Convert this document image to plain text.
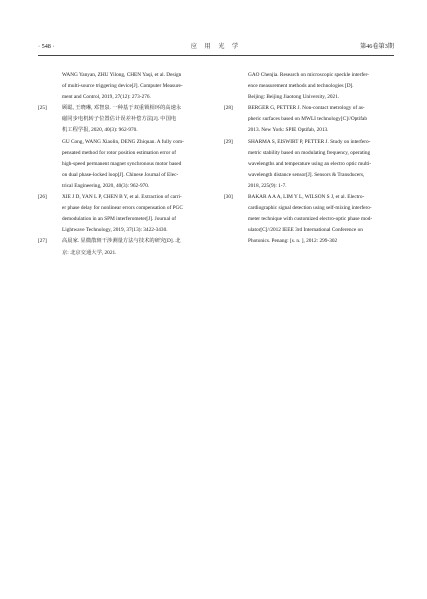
· 548 ·	应 用 光 学	第46卷第3期
WANG Yanyan, ZHU Yilong, CHEN Yaqi, et al. Design
of multi-source triggering device[J]. Computer Measure-
ment and Control, 2019, 27(12): 273-276.
[25]	顾聪, 王晓琳, 邓智泉. 一种基于双重锁相环的高速永
磁同步电机转子位置估计误差补偿方法[J]. 中国电
机工程学报, 2020, 40(3): 962-970.
GU Cong, WANG Xiaolin, DENG Zhiquan. A fully com-
pensated method for rotor position estimation error of
high-speed permanent magnet synchronous motor based
on dual phase-locked loop[J]. Chinese Journal of Elec-
trical Engineering, 2020, 40(3): 962-970.
[26]	XIE J D, YAN L P, CHEN B Y, et al. Extraction of carri-
er phase delay for nonlinear errors compensation of PGC
demodulation in an SPM interferometer[J]. Journal of
Lightwave Technology, 2019, 37(13): 3422-3430.
[27]	高晨家. 显微散斑干涉测量方法与技术的研究[D]. 北
京: 北京交通大学, 2021.
GAO Chenjia. Research on microscopic speckle interfer-
ence measurement methods and technologies [D].
Beijing: Beijing Jiaotong University, 2021.
[28]	BERGER G, PETTER J. Non-contact metrology of as-
pheric surfaces based on MWLI technology[C]//Optifab
2013. New York: SPIE Optifab, 2013.
[29]	SHARMA S, EISWIRT P, PETTER J. Study on interfero-
metric stability based on modulating frequency, operating
wavelengths and temperature using an electro optic multi-
wavelength distance sensor[J]. Sensors & Transducers,
2018, 225(9): 1-7.
[30]	BAKAR A A A, LIM Y L, WILSON S J, et al. Electro-
cardiographic signal detection using self-mixing interfero-
meter technique with customized electro-optic phase mod-
ulator[C]//2012 IEEE 3rd International Conference on
Photonics. Penang: [s. n. ], 2012: 299-302
